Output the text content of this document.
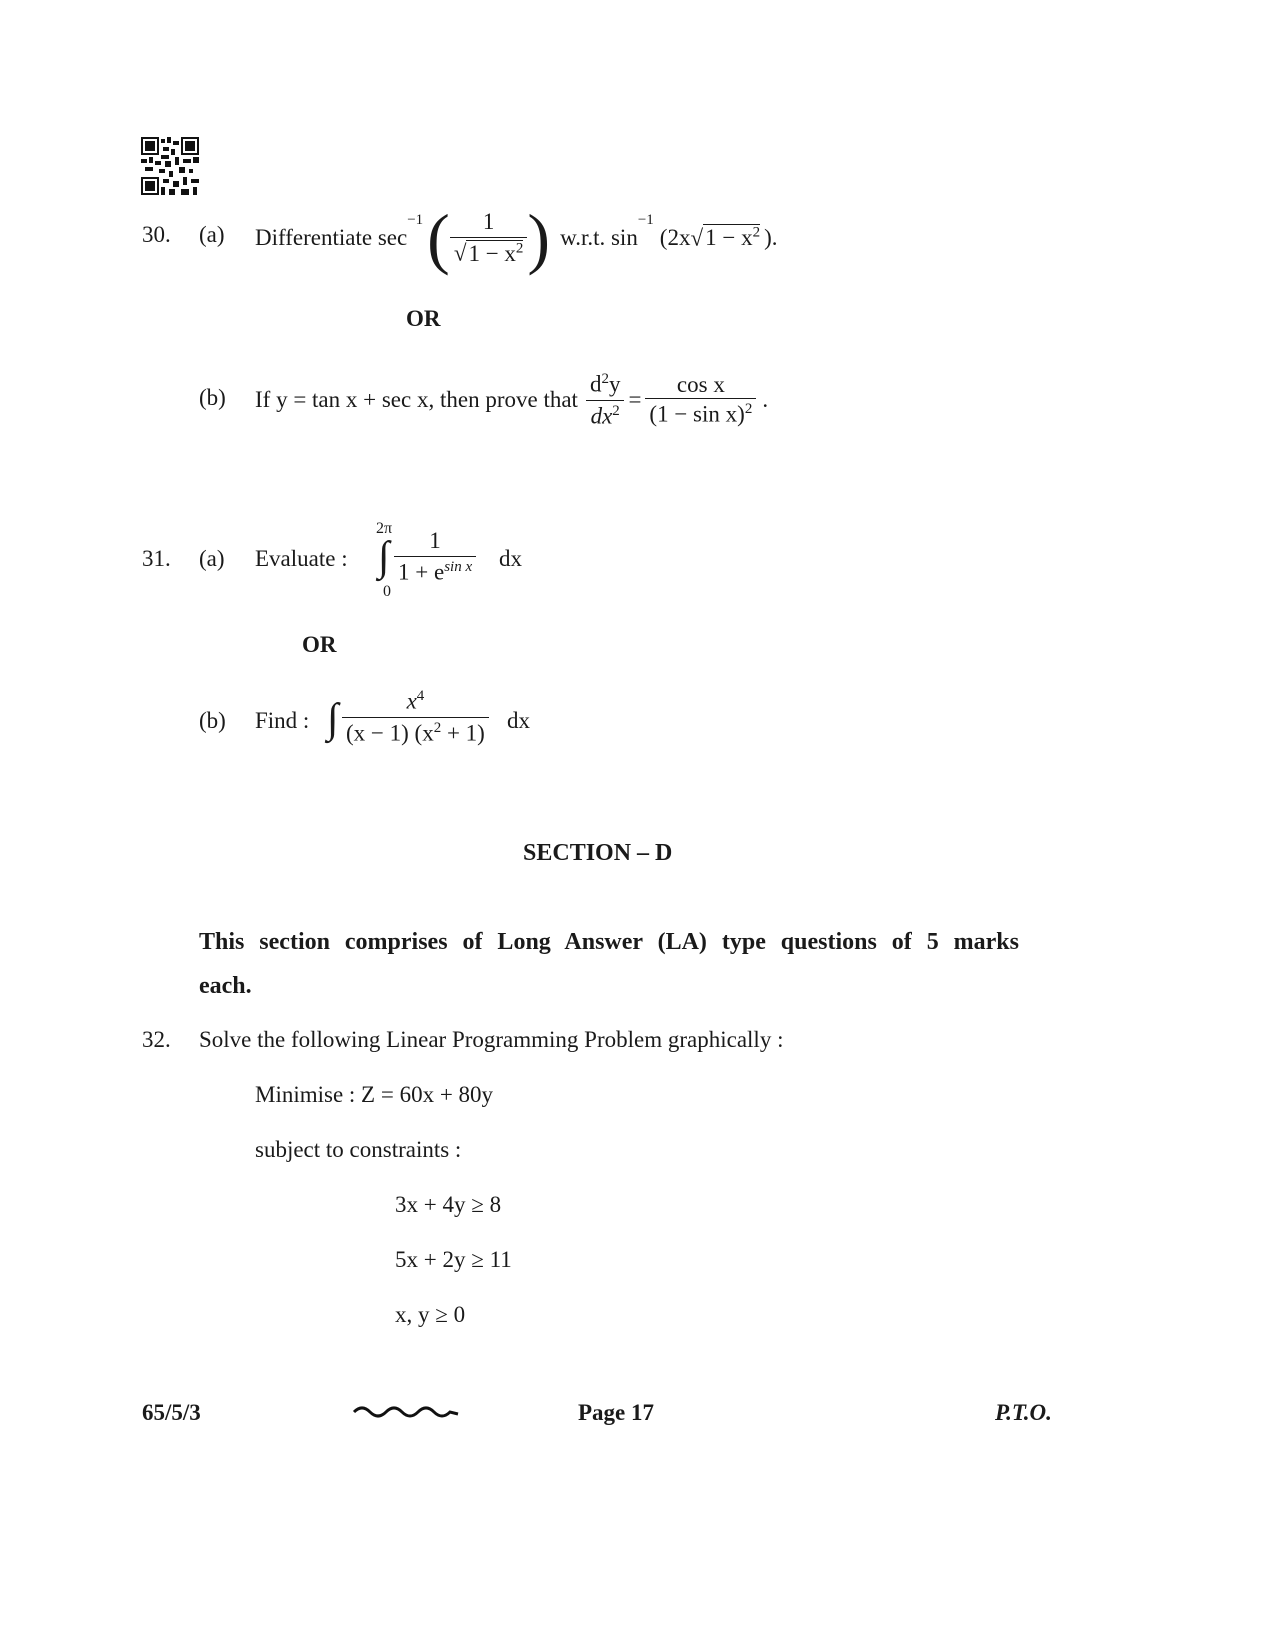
30. (a) Differentiate sec
$^{-1}$ ( $\frac{1}{√1 - x^2}$ ) w.r.t. sin
$^{-1}$
(2x $√1 - x^2$ ).
OR
(b) If y = tan x + sec x, then prove that $\frac{d^2y}{dx^2} = \frac{\text{cos x}}{(1 - \sin x)^2}$ .
31. (a) Evaluate :
2π
∫
0
$\frac{1}{1 + e^{sin x}}$ dx
OR
(b) Find : ∫ $\frac{x^4}{(x - 1) (x^2 + 1)}$ dx
SECTION – D
This section comprises of Long Answer (LA) type questions of 5 marks each.
32. Solve the following Linear Programming Problem graphically :
Minimise : Z = 60x + 80y
subject to constraints :
3x + 4y ≥ 8
5x + 2y ≥ 11
x, y ≥ 0
65/5/3	Page 17	P.T.O.
